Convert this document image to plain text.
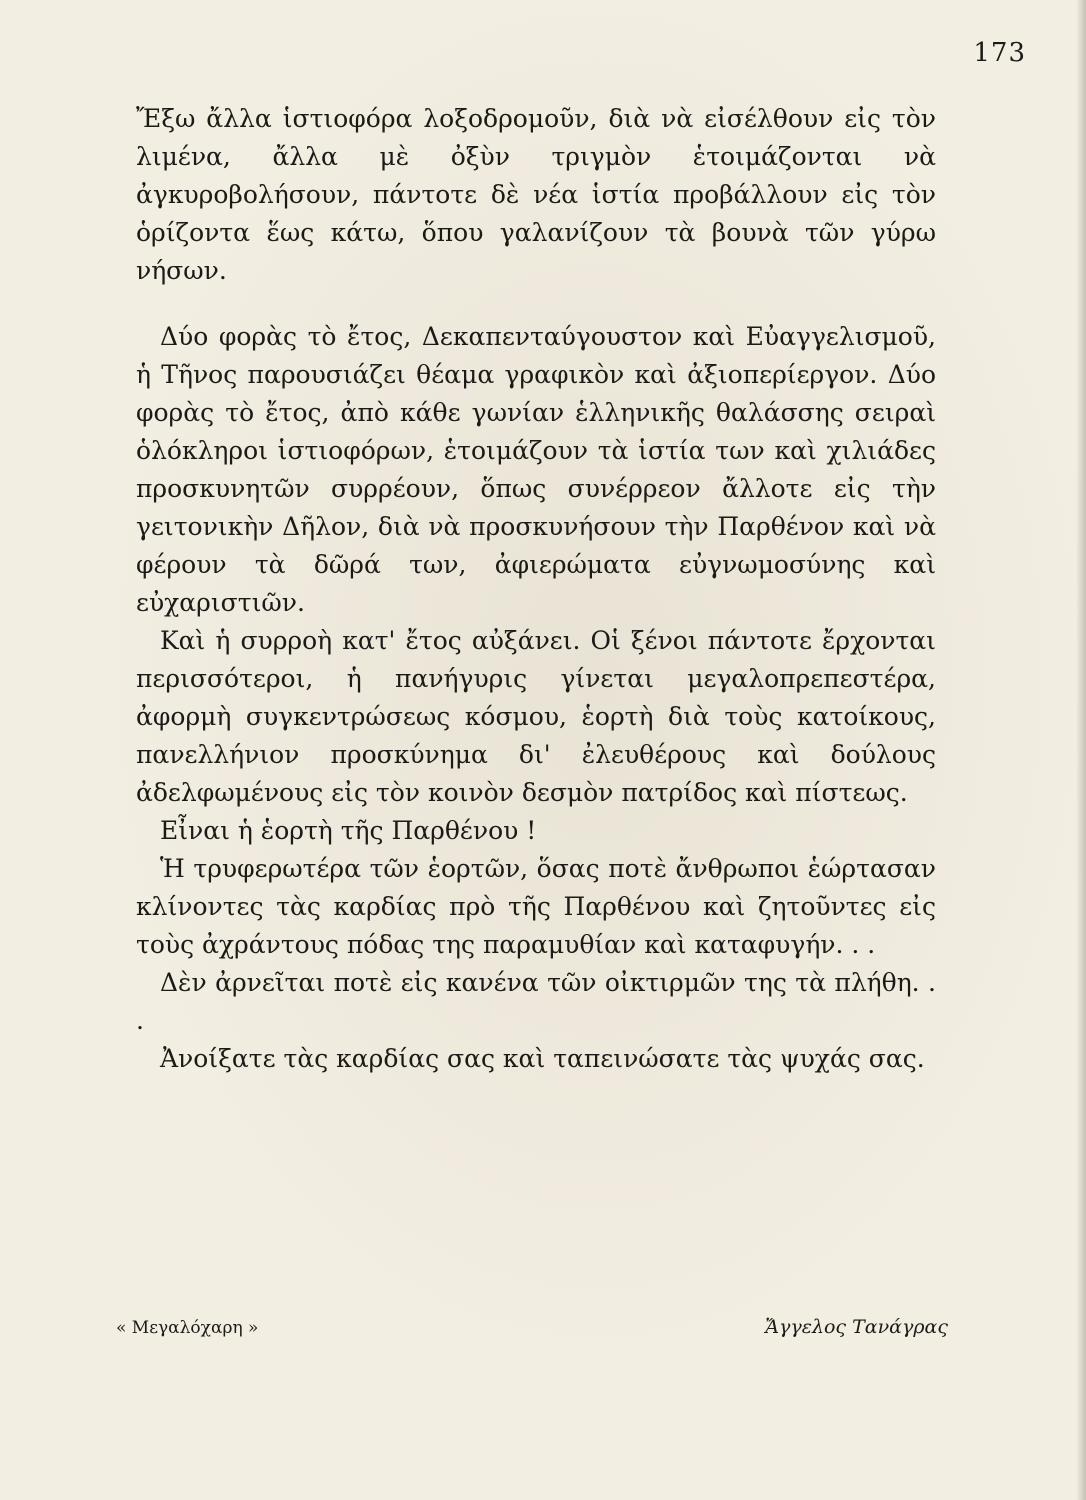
173

Ἔξω ἄλλα ἱστιοφόρα λοξοδρομοῦν, διὰ νὰ εἰσέλθουν εἰς τὸν λιμένα, ἄλλα μὲ ὀξὺν τριγμὸν ἑτοιμάζονται νὰ ἀγκυροβολήσουν, πάντοτε δὲ νέα ἱστία προβάλλουν εἰς τὸν ὁρίζοντα ἕως κάτω, ὅπου γαλανίζουν τὰ βουνὰ τῶν γύρω νήσων.

Δύο φορὰς τὸ ἔτος, Δεκαπενταύγουστον καὶ Εὐαγγελισμοῦ, ἡ Τῆνος παρουσιάζει θέαμα γραφικὸν καὶ ἀξιοπερίεργον. Δύο φορὰς τὸ ἔτος, ἀπὸ κάθε γωνίαν ἑλληνικῆς θαλάσσης σειραὶ ὁλόκληροι ἱστιοφόρων, ἑτοιμάζουν τὰ ἱστία των καὶ χιλιάδες προσκυνητῶν συρρέουν, ὅπως συνέρρεον ἄλλοτε εἰς τὴν γειτονικὴν Δῆλον, διὰ νὰ προσκυνήσουν τὴν Παρθένον καὶ νὰ φέρουν τὰ δῶρά των, ἀφιερώματα εὐγνωμοσύνης καὶ εὐχαριστιῶν.

Καὶ ἡ συρροὴ κατ' ἔτος αὐξάνει. Οἱ ξένοι πάντοτε ἔρχονται περισσότεροι, ἡ πανήγυρις γίνεται μεγαλοπρεπεστέρα, ἀφορμὴ συγκεντρώσεως κόσμου, ἑορτὴ διὰ τοὺς κατοίκους, πανελλήνιον προσκύνημα δι' ἐλευθέρους καὶ δούλους ἀδελφωμένους εἰς τὸν κοινὸν δεσμὸν πατρίδος καὶ πίστεως.

Εἶναι ἡ ἑορτὴ τῆς Παρθένου !

Ἡ τρυφερωτέρα τῶν ἑορτῶν, ὅσας ποτὲ ἄνθρωποι ἑώρτασαν κλίνοντες τὰς καρδίας πρὸ τῆς Παρθένου καὶ ζητοῦντες εἰς τοὺς ἀχράντους πόδας της παραμυθίαν καὶ καταφυγήν. . .

Δὲν ἀρνεῖται ποτὲ εἰς κανένα τῶν οἰκτιρμῶν της τὰ πλήθη. . .

Ἀνοίξατε τὰς καρδίας σας καὶ ταπεινώσατε τὰς ψυχάς σας.

« Μεγαλόχαρη »	Ἄγγελος Τανάγρας
